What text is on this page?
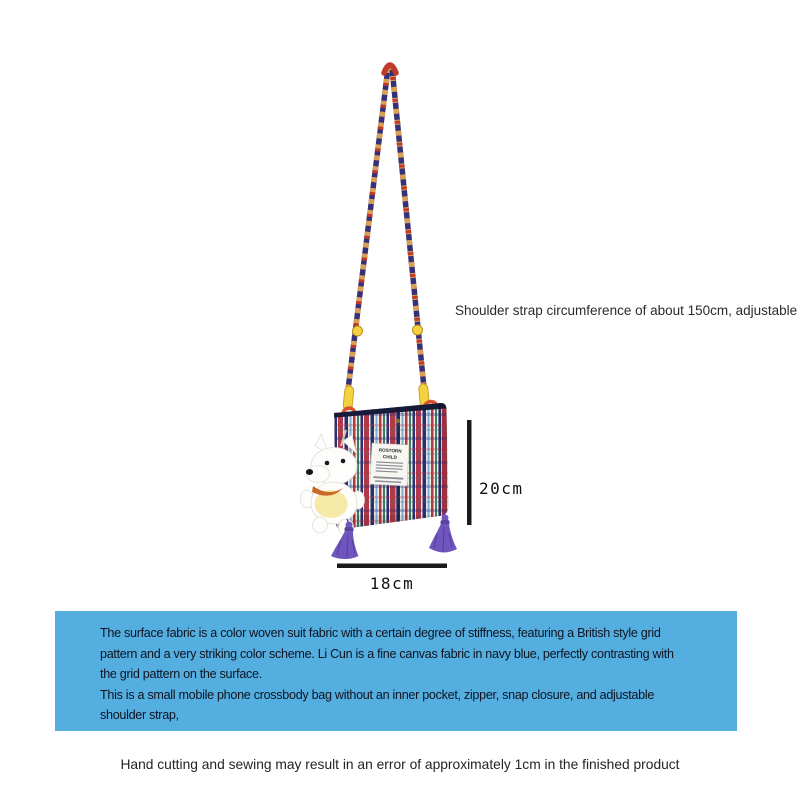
ROSTORN
CHILD
Shoulder strap circumference of about 150cm, adjustable
20cm
18cm
The surface fabric is a color woven suit fabric with a certain degree of stiffness, featuring a British style grid
pattern and a very striking color scheme. Li Cun is a fine canvas fabric in navy blue, perfectly contrasting with
the grid pattern on the surface.
This is a small mobile phone crossbody bag without an inner pocket, zipper, snap closure, and adjustable
shoulder strap,
Hand cutting and sewing may result in an error of approximately 1cm in the finished product
